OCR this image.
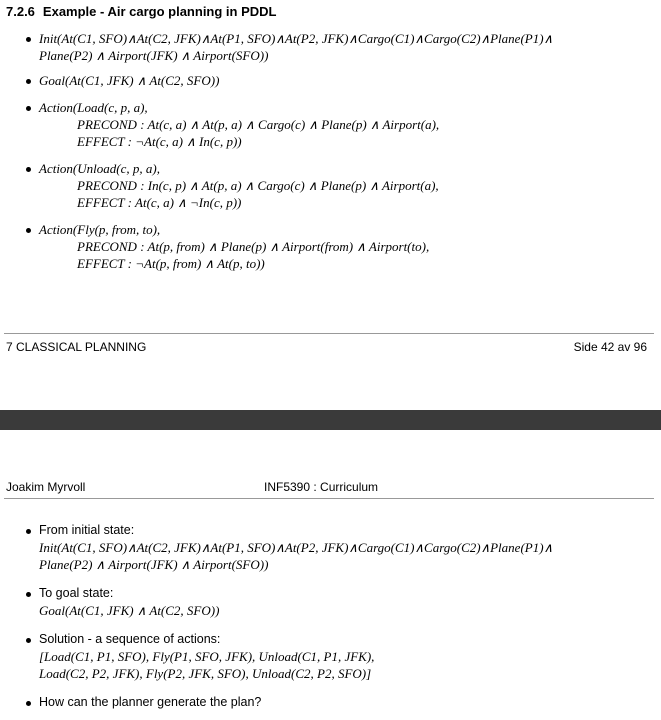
7.2.6 Example - Air cargo planning in PDDL
Init(At(C1, SFO)∧At(C2, JFK)∧At(P1, SFO)∧At(P2, JFK)∧Cargo(C1)∧Cargo(C2)∧Plane(P1)∧
Plane(P2) ∧ Airport(JFK) ∧ Airport(SFO))
Goal(At(C1, JFK) ∧ At(C2, SFO))
Action(Load(c, p, a),
PRECOND : At(c, a) ∧ At(p, a) ∧ Cargo(c) ∧ Plane(p) ∧ Airport(a),
EFFECT : ¬At(c, a) ∧ In(c, p))
Action(Unload(c, p, a),
PRECOND : In(c, p) ∧ At(p, a) ∧ Cargo(c) ∧ Plane(p) ∧ Airport(a),
EFFECT : At(c, a) ∧ ¬In(c, p))
Action(Fly(p, from, to),
PRECOND : At(p, from) ∧ Plane(p) ∧ Airport(from) ∧ Airport(to),
EFFECT : ¬At(p, from) ∧ At(p, to))
7 CLASSICAL PLANNING	Side 42 av 96
Joakim Myrvoll	INF5390 : Curriculum
From initial state:
Init(At(C1, SFO)∧At(C2, JFK)∧At(P1, SFO)∧At(P2, JFK)∧Cargo(C1)∧Cargo(C2)∧Plane(P1)∧
Plane(P2) ∧ Airport(JFK) ∧ Airport(SFO))
To goal state:
Goal(At(C1, JFK) ∧ At(C2, SFO))
Solution - a sequence of actions:
[Load(C1, P1, SFO), Fly(P1, SFO, JFK), Unload(C1, P1, JFK),
Load(C2, P2, JFK), Fly(P2, JFK, SFO), Unload(C2, P2, SFO)]
How can the planner generate the plan?
